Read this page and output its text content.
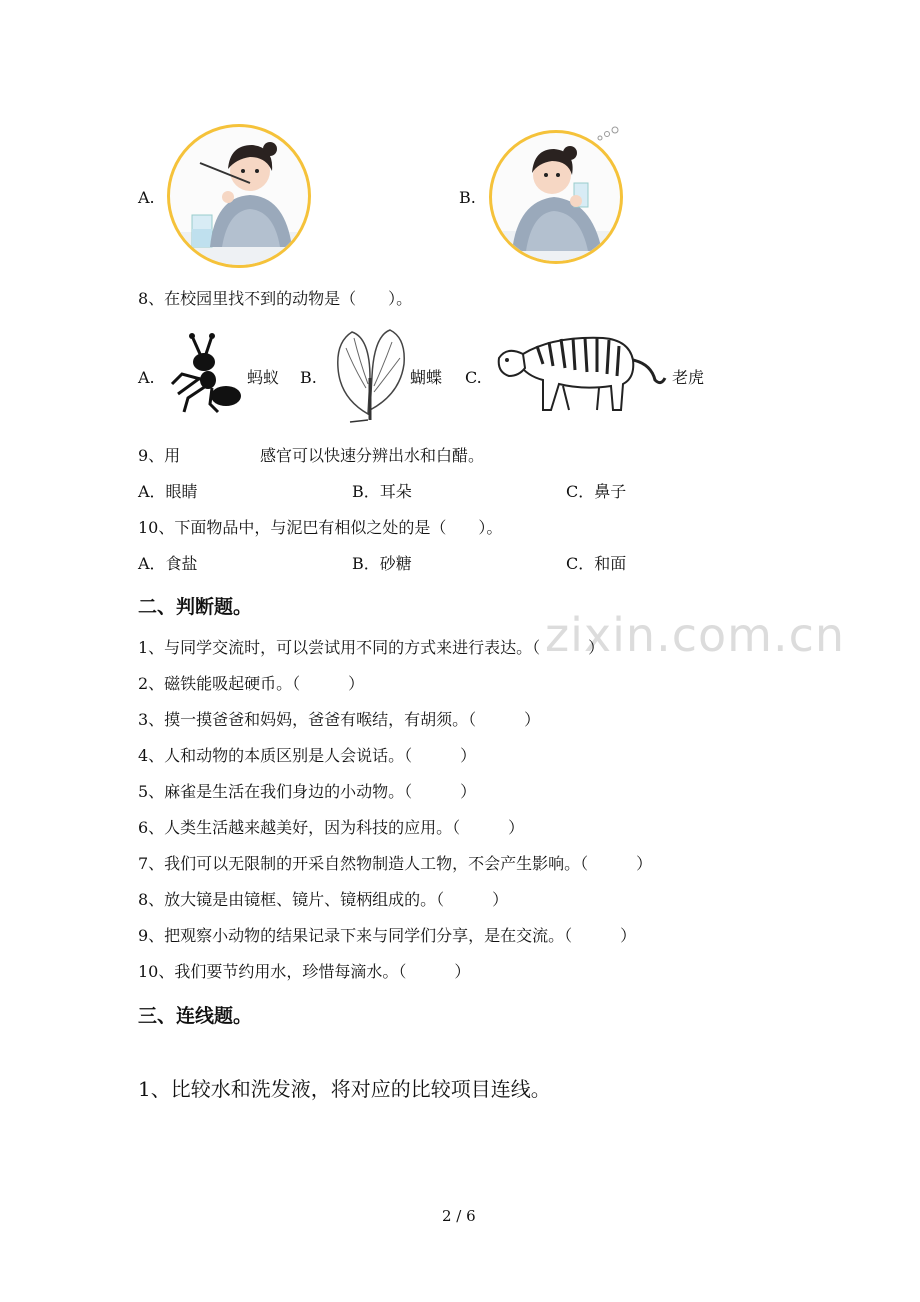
A.	B.
8、在校园里找不到的动物是（　　）。
A.	蚂蚁 B.	蝴蝶 C.	老虎
9、用	感官可以快速分辨出水和白醋。
A．眼睛	B．耳朵	C．鼻子
10、下面物品中，与泥巴有相似之处的是（　　）。
A．食盐	B．砂糖	C．和面
zixin.com.cn
二、判断题。
1、与同学交流时，可以尝试用不同的方式来进行表达。（　　　）
2、磁铁能吸起硬币。（　　　）
3、摸一摸爸爸和妈妈，爸爸有喉结，有胡须。（　　　）
4、人和动物的本质区别是人会说话。（　　　）
5、麻雀是生活在我们身边的小动物。（　　　）
6、人类生活越来越美好，因为科技的应用。（　　　）
7、我们可以无限制的开采自然物制造人工物，不会产生影响。（　　　）
8、放大镜是由镜框、镜片、镜柄组成的。（　　　）
9、把观察小动物的结果记录下来与同学们分享，是在交流。（　　　）
10、我们要节约用水，珍惜每滴水。（　　　）
三、连线题。
1、比较水和洗发液，将对应的比较项目连线。
2 / 6
